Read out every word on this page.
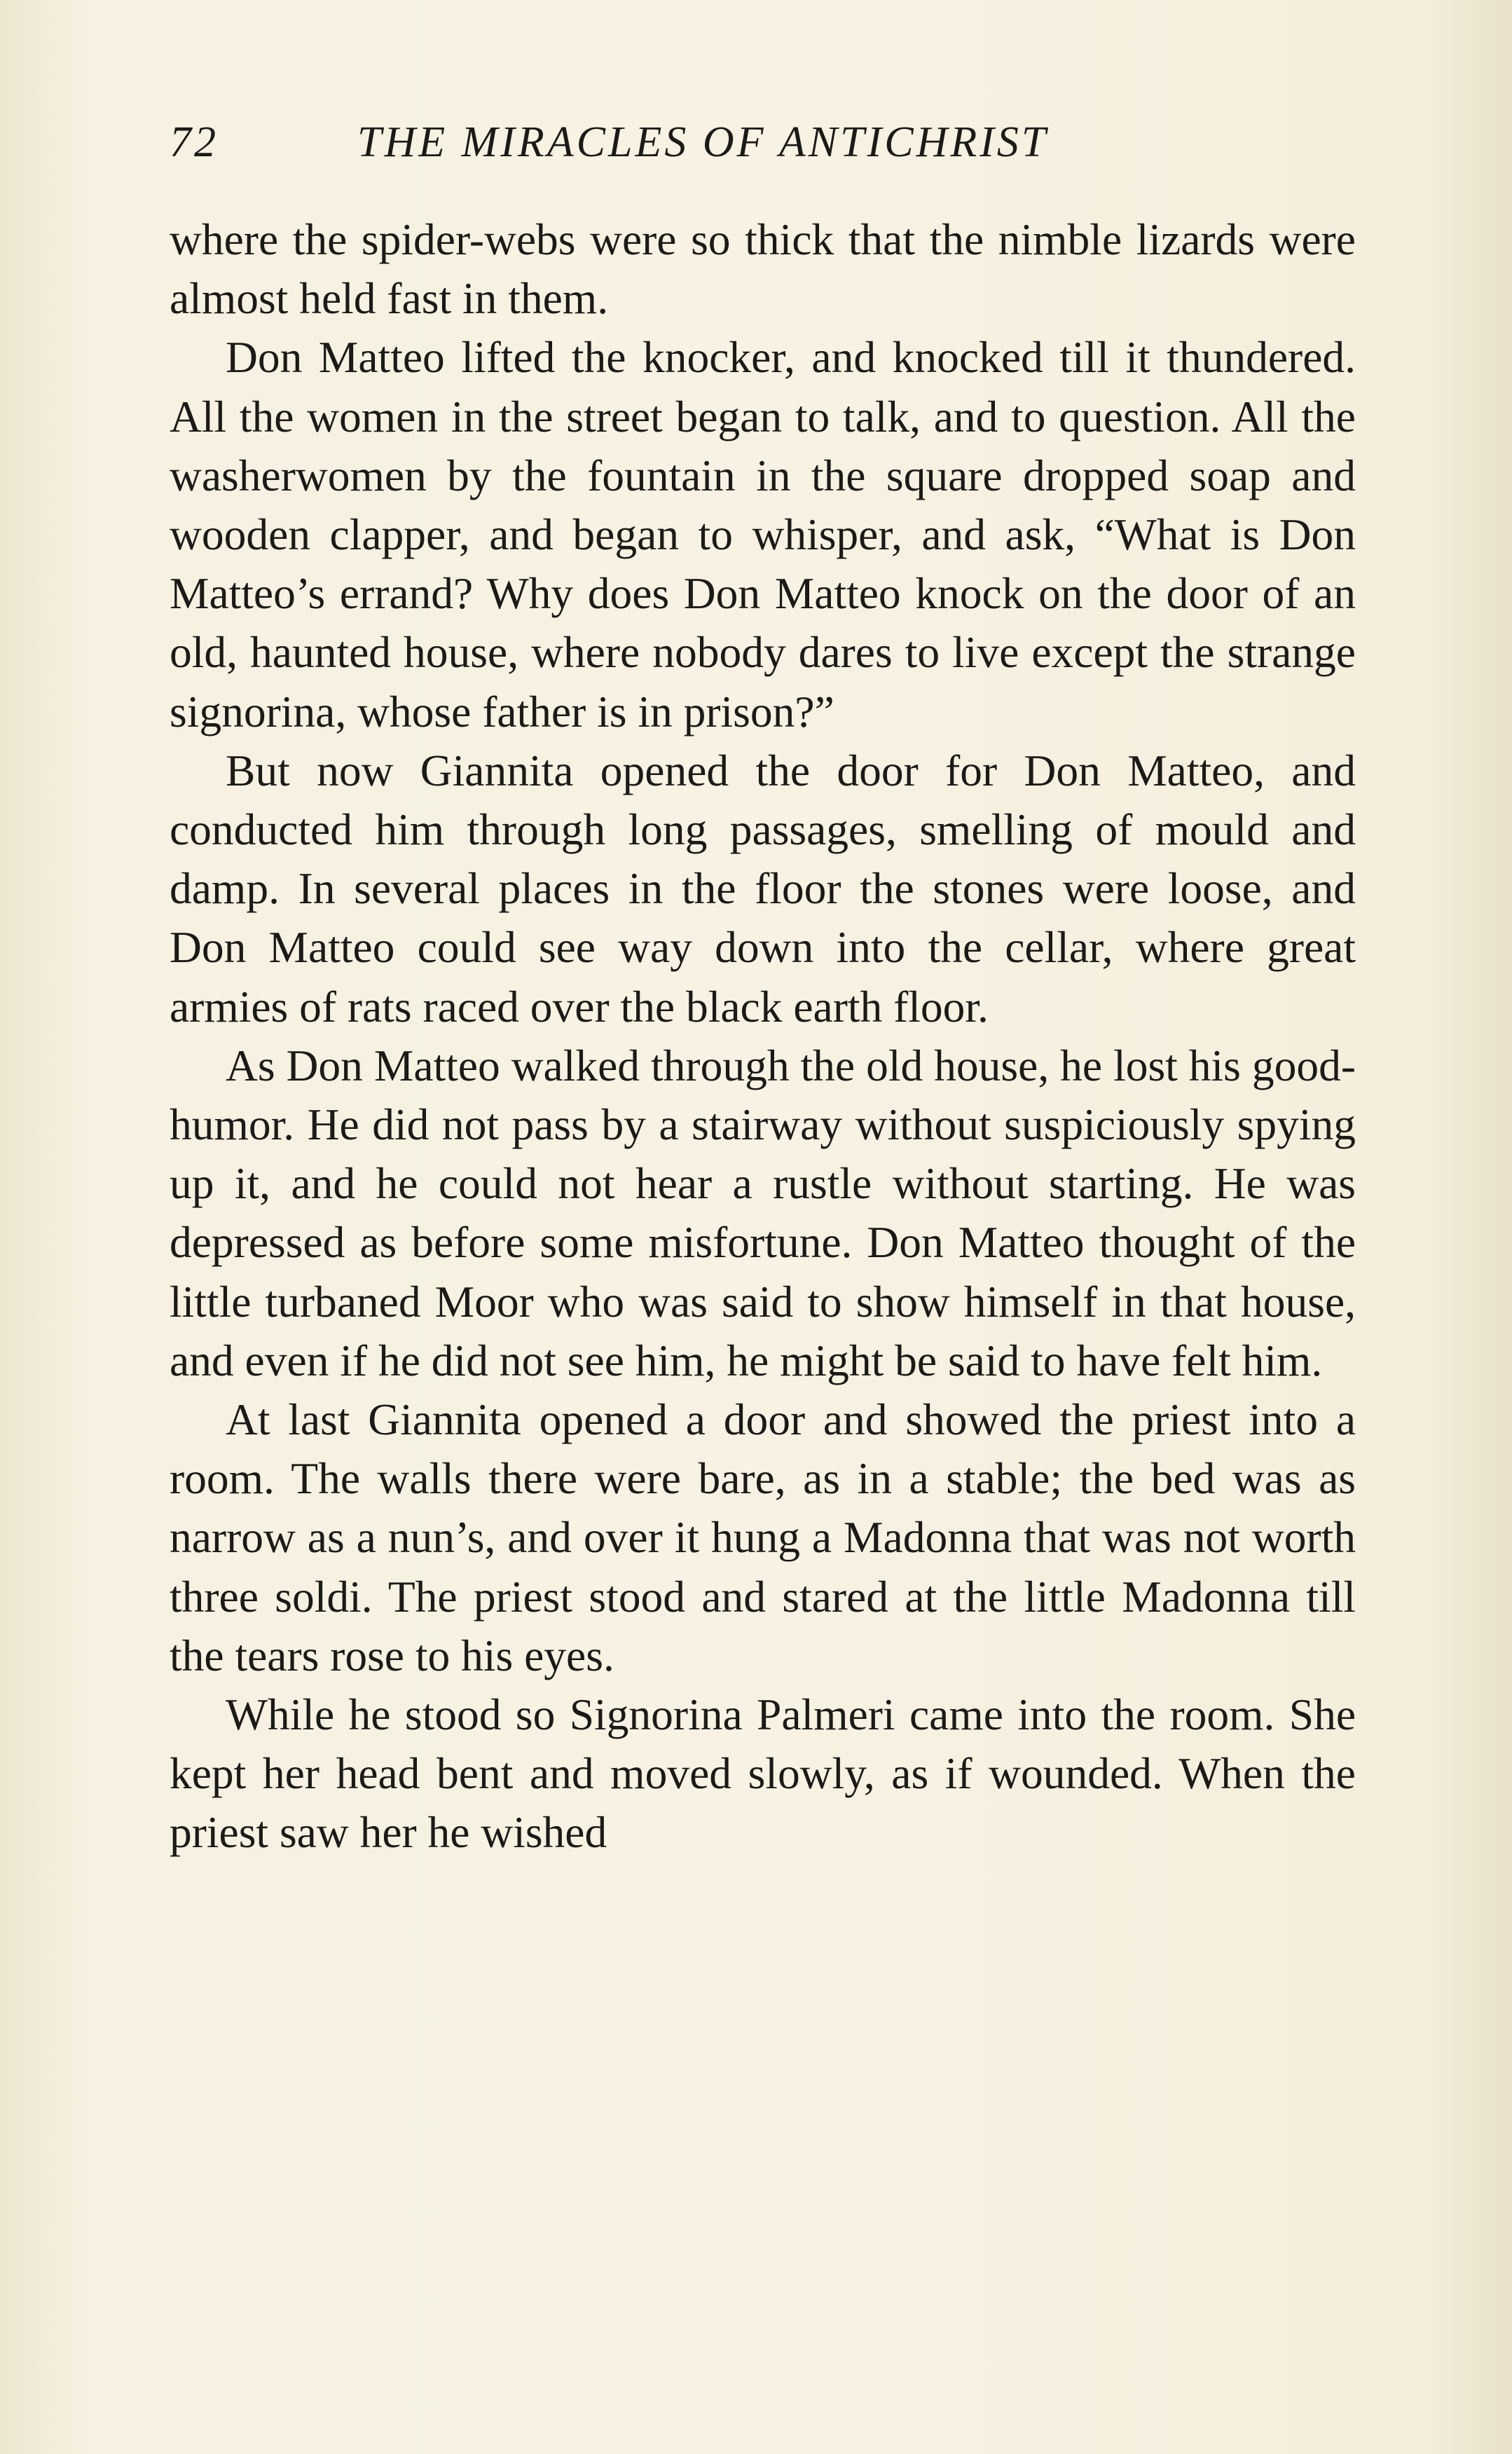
72	THE MIRACLES OF ANTICHRIST

where the spider-webs were so thick that the nimble lizards were almost held fast in them.

Don Matteo lifted the knocker, and knocked till it thundered. All the women in the street began to talk, and to question. All the washerwomen by the fountain in the square dropped soap and wooden clapper, and began to whisper, and ask, “What is Don Matteo’s errand? Why does Don Matteo knock on the door of an old, haunted house, where nobody dares to live except the strange signorina, whose father is in prison?”

But now Giannita opened the door for Don Matteo, and conducted him through long passages, smelling of mould and damp. In several places in the floor the stones were loose, and Don Matteo could see way down into the cellar, where great armies of rats raced over the black earth floor.

As Don Matteo walked through the old house, he lost his good-humor. He did not pass by a stairway without suspiciously spying up it, and he could not hear a rustle without starting. He was depressed as before some misfortune. Don Matteo thought of the little turbaned Moor who was said to show himself in that house, and even if he did not see him, he might be said to have felt him.

At last Giannita opened a door and showed the priest into a room. The walls there were bare, as in a stable; the bed was as narrow as a nun’s, and over it hung a Madonna that was not worth three soldi. The priest stood and stared at the little Madonna till the tears rose to his eyes.

While he stood so Signorina Palmeri came into the room. She kept her head bent and moved slowly, as if wounded. When the priest saw her he wished
